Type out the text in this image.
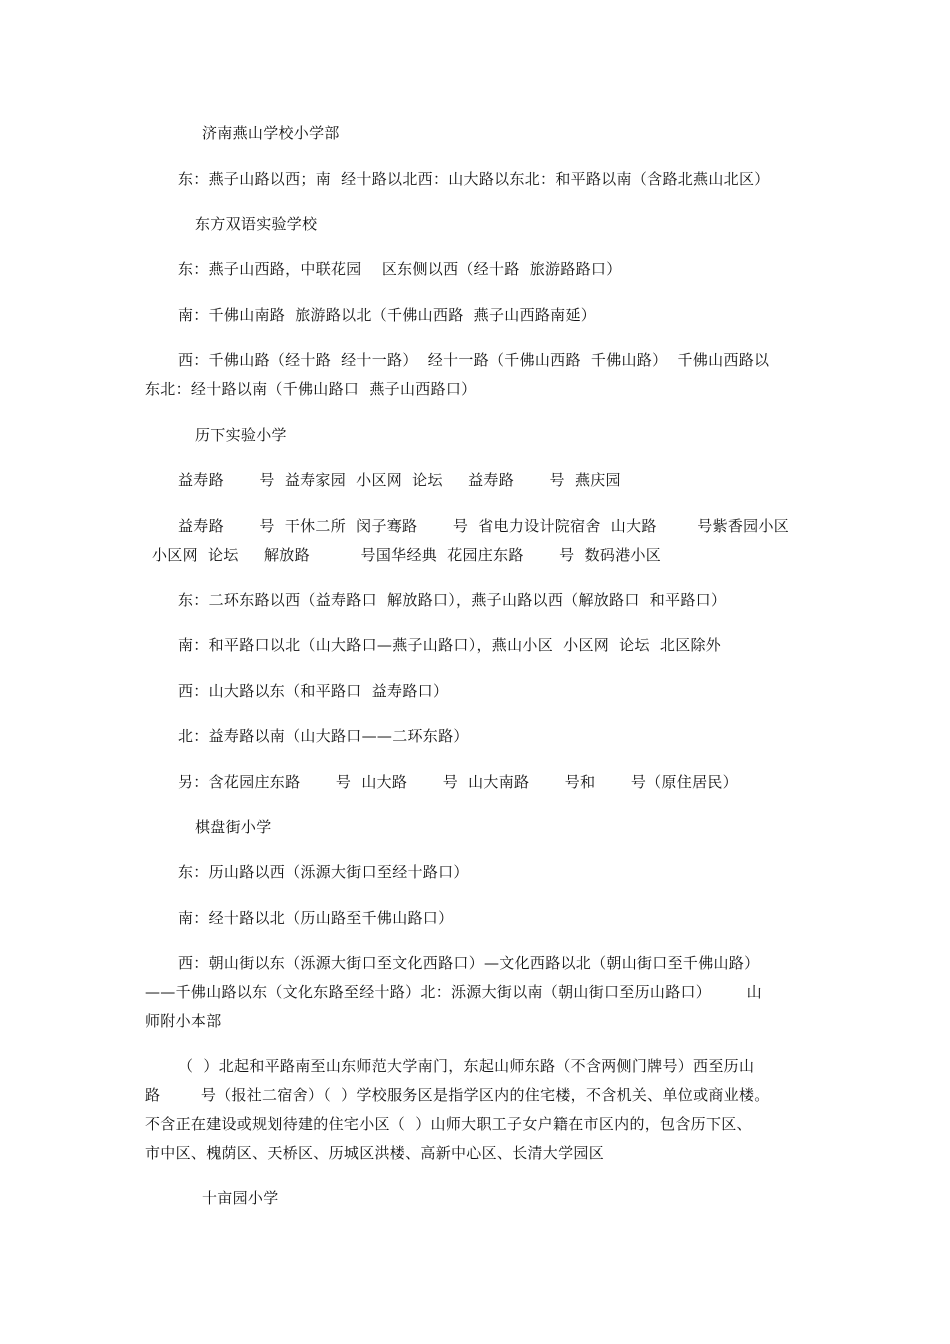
济南燕山学校小学部
东：燕子山路以西；南  经十路以北西：山大路以东北：和平路以南（含路北燕山北区）
东方双语实验学校
东：燕子山西路，中联花园    区东侧以西（经十路  旅游路路口）
南：千佛山南路  旅游路以北（千佛山西路  燕子山西路南延）
西：千佛山路（经十路  经十一路）  经十一路（千佛山西路  千佛山路）  千佛山西路以
东北：经十路以南（千佛山路口  燕子山西路口）
历下实验小学
益寿路       号  益寿家园  小区网  论坛     益寿路       号  燕庆园
益寿路       号  干休二所  闵子骞路       号  省电力设计院宿舍  山大路        号紫香园小区
小区网  论坛     解放路          号国华经典  花园庄东路       号  数码港小区
东：二环东路以西（益寿路口  解放路口），燕子山路以西（解放路口  和平路口）
南：和平路口以北（山大路口—燕子山路口），燕山小区  小区网  论坛  北区除外
西：山大路以东（和平路口  益寿路口）
北：益寿路以南（山大路口——二环东路）
另：含花园庄东路       号  山大路       号  山大南路       号和       号（原住居民）
棋盘街小学
东：历山路以西（泺源大街口至经十路口）
南：经十路以北（历山路至千佛山路口）
西：朝山街以东（泺源大街口至文化西路口）—文化西路以北（朝山街口至千佛山路）
——千佛山路以东（文化东路至经十路）北：泺源大街以南（朝山街口至历山路口）       山
师附小本部
（  ）北起和平路南至山东师范大学南门，东起山师东路（不含两侧门牌号）西至历山
路        号（报社二宿舍）（  ）学校服务区是指学区内的住宅楼，不含机关、单位或商业楼。
不含正在建设或规划待建的住宅小区（  ）山师大职工子女户籍在市区内的，包含历下区、
市中区、槐荫区、天桥区、历城区洪楼、高新中心区、长清大学园区
十亩园小学
